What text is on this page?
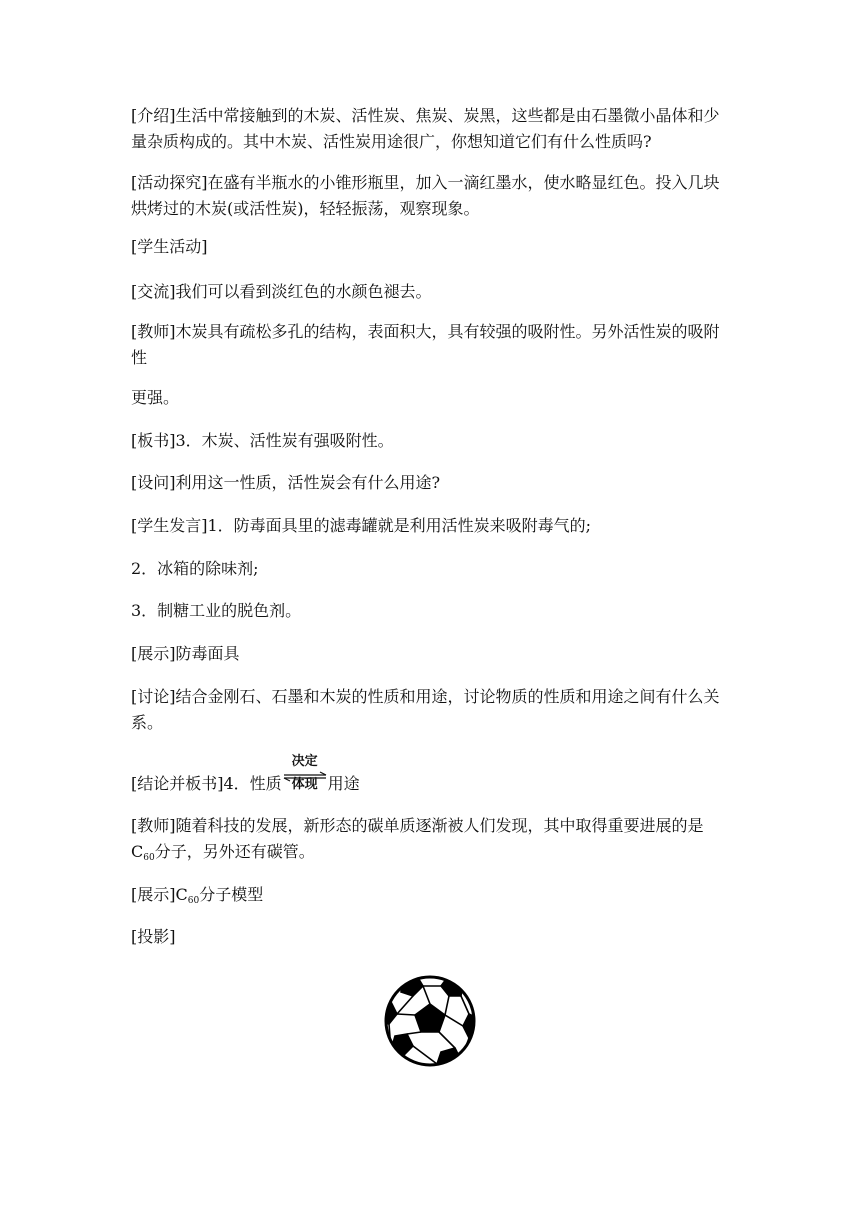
[介绍]生活中常接触到的木炭、活性炭、焦炭、炭黑，这些都是由石墨微小晶体和少量杂质构成的。其中木炭、活性炭用途很广，你想知道它们有什么性质吗?

[活动探究]在盛有半瓶水的小锥形瓶里，加入一滴红墨水，使水略显红色。投入几块烘烤过的木炭(或活性炭)，轻轻振荡，观察现象。

[学生活动]

[交流]我们可以看到淡红色的水颜色褪去。

[教师]木炭具有疏松多孔的结构，表面积大，具有较强的吸附性。另外活性炭的吸附性

更强。

[板书]3．木炭、活性炭有强吸附性。

[设问]利用这一性质，活性炭会有什么用途?

[学生发言]1．防毒面具里的滤毒罐就是利用活性炭来吸附毒气的;

2．冰箱的除味剂;

3．制糖工业的脱色剂。

[展示]防毒面具

[讨论]结合金刚石、石墨和木炭的性质和用途，讨论物质的性质和用途之间有什么关系。

[结论并板书]4．性质
决定
体现 用途

[教师]随着科技的发展，新形态的碳单质逐渐被人们发现，其中取得重要进展的是 $C_{60}$分子，另外还有碳管。

[展示]$C_{60}$分子模型

[投影]
